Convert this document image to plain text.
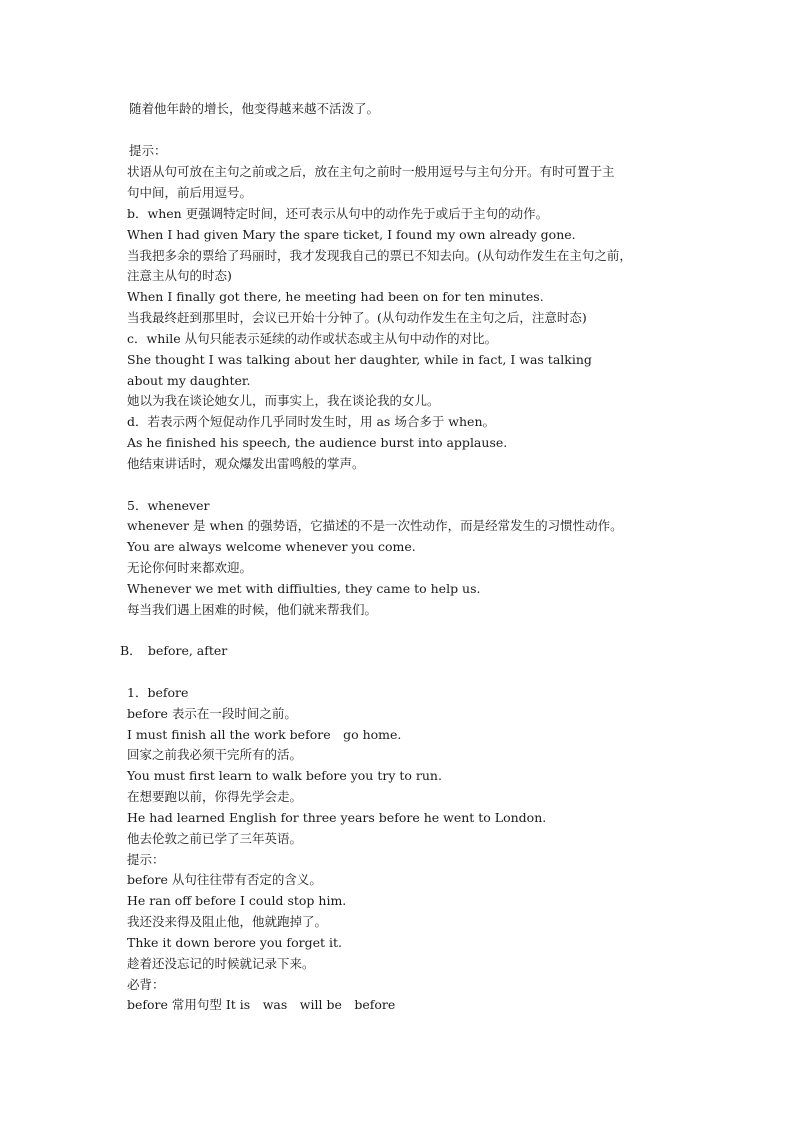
随着他年龄的增长，他变得越来越不活泼了。
提示：
状语从句可放在主句之前或之后，放在主句之前时一般用逗号与主句分开。有时可置于主
句中间，前后用逗号。
b．when 更强调特定时间，还可表示从句中的动作先于或后于主句的动作。
When I had given Mary the spare ticket, I found my own already gone.
当我把多余的票给了玛丽时，我才发现我自己的票已不知去向。(从句动作发生在主句之前，
注意主从句的时态)
When I finally got there, he meeting had been on for ten minutes.
当我最终赶到那里时，会议已开始十分钟了。(从句动作发生在主句之后，注意时态)
c．while 从句只能表示延续的动作或状态或主从句中动作的对比。
She thought I was talking about her daughter, while in fact, I was talking
about my daughter.
她以为我在谈论她女儿，而事实上，我在谈论我的女儿。
d．若表示两个短促动作几乎同时发生时，用 as 场合多于 when。
As he finished his speech, the audience burst into applause.
他结束讲话时，观众爆发出雷鸣般的掌声。
5．whenever
whenever 是 when 的强势语，它描述的不是一次性动作，而是经常发生的习惯性动作。
You are always welcome whenever you come.
无论你何时来都欢迎。
Whenever we met with diffiulties, they came to help us.
每当我们遇上困难的时候，他们就来帮我们。
B．　before, after
1．before
before 表示在一段时间之前。
I must finish all the work before　go home.
回家之前我必须干完所有的活。
You must first learn to walk before you try to run.
在想要跑以前，你得先学会走。
He had learned English for three years before he went to London.
他去伦敦之前已学了三年英语。
提示：
before 从句往往带有否定的含义。
He ran off before I could stop him.
我还没来得及阻止他，他就跑掉了。
Thke it down berore you forget it.
趁着还没忘记的时候就记录下来。
必背：
before 常用句型 It is　was　will be　before
